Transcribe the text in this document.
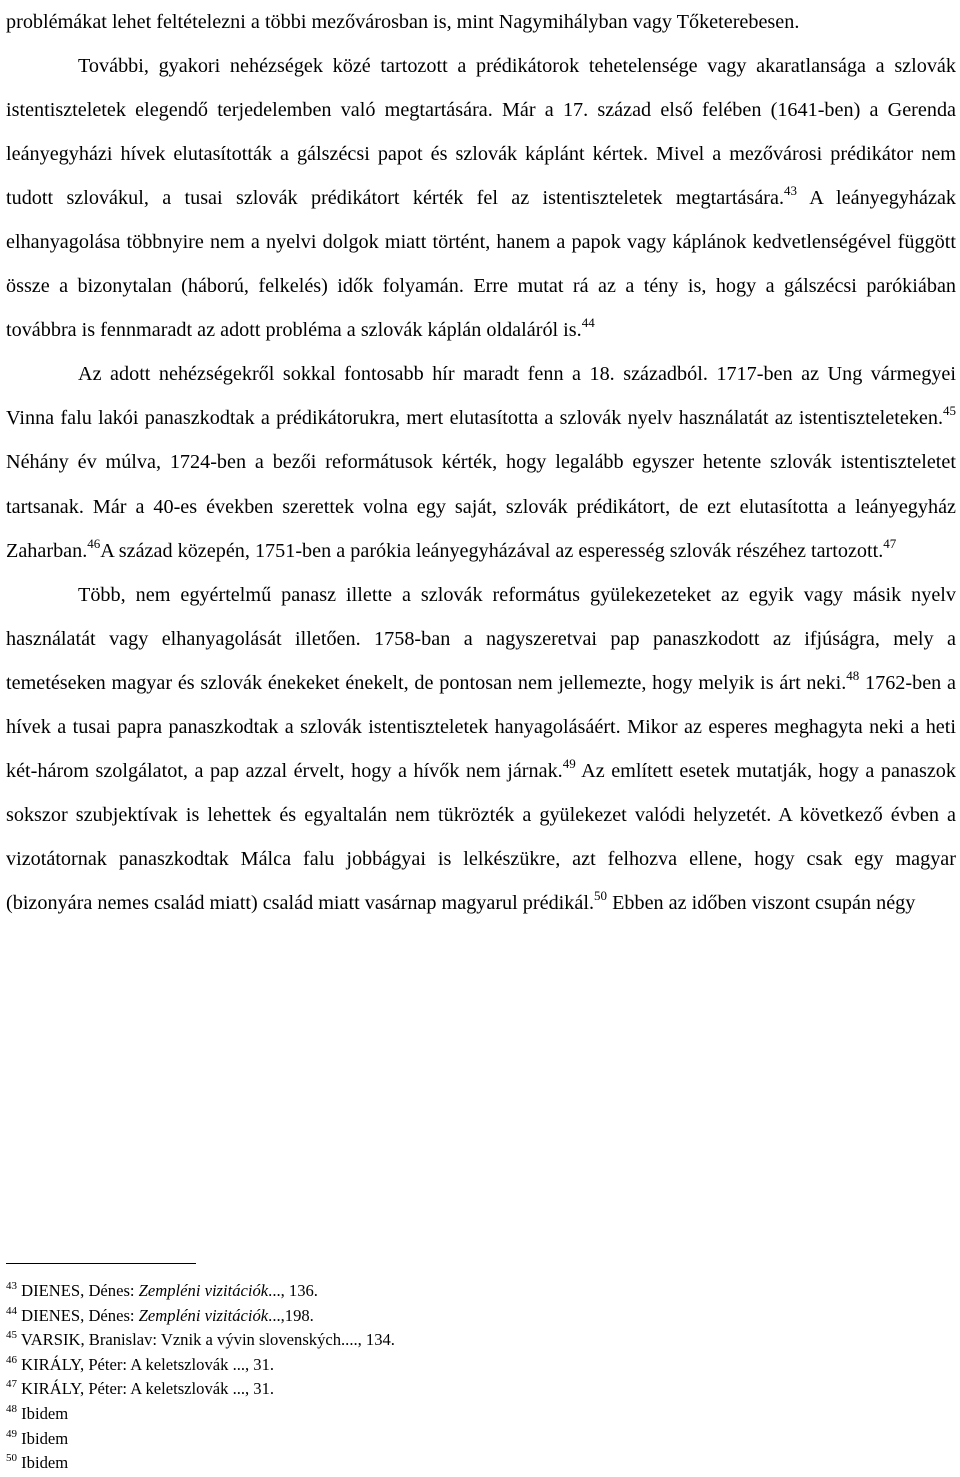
problémákat lehet feltételezni a többi mezővárosban is, mint Nagymihályban vagy Tőketerebesen.

További, gyakori nehézségek közé tartozott a prédikátorok tehetelensége vagy akaratlansága a szlovák istentiszteletek elegendő terjedelemben való megtartására. Már a 17. század első felében (1641-ben) a Gerenda leányegyházi hívek elutasították a gálszécsi papot és szlovák káplánt kértek. Mivel a mezővárosi prédikátor nem tudott szlovákul, a tusai szlovák prédikátort kérték fel az istentiszteletek megtartására.$^{43}$ A leányegyházak elhanyagolása többnyire nem a nyelvi dolgok miatt történt, hanem a papok vagy káplánok kedvetlenségével függött össze a bizonytalan (háború, felkelés) idők folyamán. Erre mutat rá az a tény is, hogy a gálszécsi parókiában továbbra is fennmaradt az adott probléma a szlovák káplán oldaláról is.$^{44}$

Az adott nehézségekről sokkal fontosabb hír maradt fenn a 18. századból. 1717-ben az Ung vármegyei Vinna falu lakói panaszkodtak a prédikátorukra, mert elutasította a szlovák nyelv használatát az istentiszteleteken.$^{45}$ Néhány év múlva, 1724-ben a bezői reformátusok kérték, hogy legalább egyszer hetente szlovák istentiszteletet tartsanak. Már a 40-es években szerettek volna egy saját, szlovák prédikátort, de ezt elutasította a leányegyház Zaharban.$^{46}$A század közepén, 1751-ben a parókia leányegyházával az esperesség szlovák részéhez tartozott.$^{47}$

Több, nem egyértelmű panasz illette a szlovák református gyülekezeteket az egyik vagy másik nyelv használatát vagy elhanyagolását illetően. 1758-ban a nagyszeretvai pap panaszkodott az ifjúságra, mely a temetéseken magyar és szlovák énekeket énekelt, de pontosan nem jellemezte, hogy melyik is árt neki.$^{48}$ 1762-ben a hívek a tusai papra panaszkodtak a szlovák istentiszteletek hanyagolásáért. Mikor az esperes meghagyta neki a heti két-három szolgálatot, a pap azzal érvelt, hogy a hívők nem járnak.$^{49}$ Az említett esetek mutatják, hogy a panaszok sokszor szubjektívak is lehettek és egyaltalán nem tükrözték a gyülekezet valódi helyzetét. A következő évben a vizotátornak panaszkodtak Málca falu jobbágyai is lelkészükre, azt felhozva ellene, hogy csak egy magyar (bizonyára nemes család miatt) család miatt vasárnap magyarul prédikál.$^{50}$ Ebben az időben viszont csupán négy

$^{43}$ DIENES, Dénes: Zempléni vizitációk..., 136.

$^{44}$ DIENES, Dénes: Zempléni vizitációk...,198.

$^{45}$ VARSIK, Branislav: Vznik a vývin slovenských...., 134.

$^{46}$ KIRÁLY, Péter: A keletszlovák ..., 31.

$^{47}$ KIRÁLY, Péter: A keletszlovák ..., 31.

$^{48}$ Ibidem

$^{49}$ Ibidem

$^{50}$ Ibidem
